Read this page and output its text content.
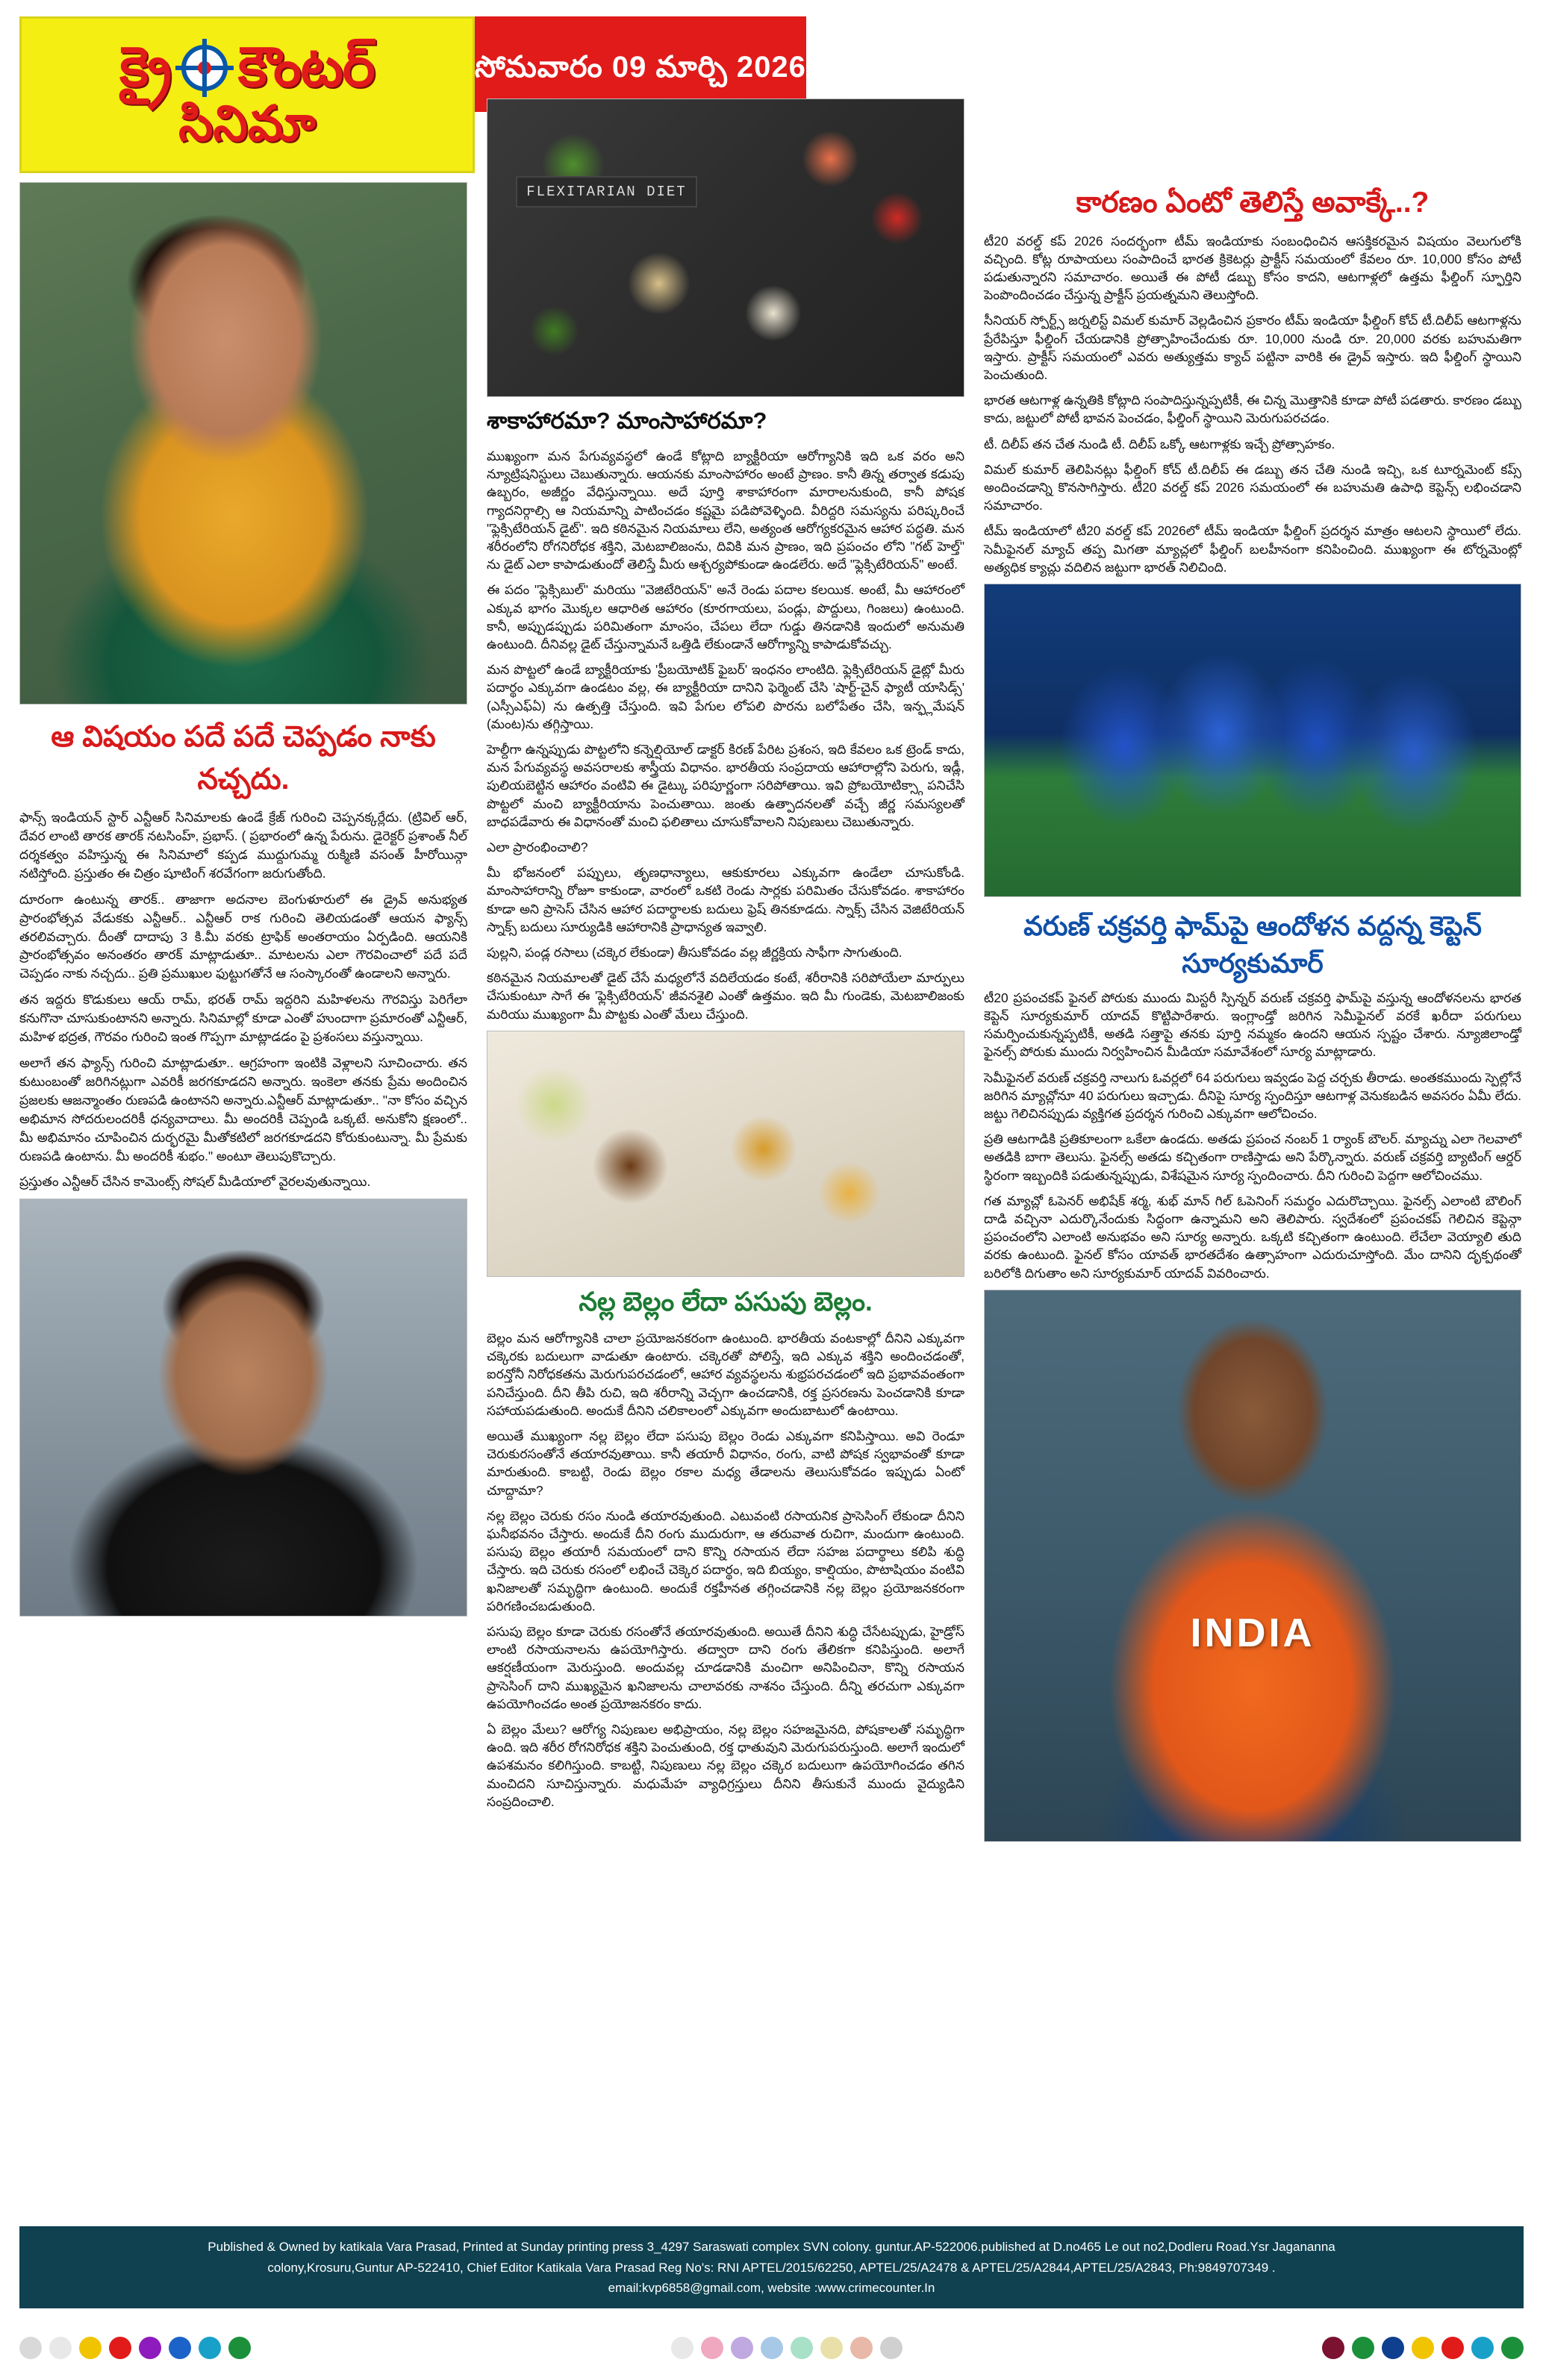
క్రై కౌంటర్
సినిమా
సోమవారం 09 మార్చి 2026
ఆ విషయం పదే పదే చెప్పడం నాకు నచ్చదు.

ఫాన్స్ ఇండియన్ స్టార్ ఎన్టీఆర్ సినిమాలకు ఉండే క్రేజ్ గురించి చెప్పనక్కర్లేదు. (ట్రివిల్ ఆర్, దేవర లాంటి తారక తారక్ నటసింహ్, ప్రభాస్. ( ప్రభారంలో ఉన్న పేరును. డైరెక్టర్ ప్రశాంత్ నీల్ దర్శకత్వం వహిస్తున్న ఈ సినిమాలో కప్పడ ముద్దుగుమ్మ రుక్మిణి వసంత్ హీరోయిన్గా నటిస్తోంది. ప్రస్తుతం ఈ చిత్రం షూటింగ్ శరవేగంగా జరుగుతోంది.

దూరంగా ఉంటున్న తారక్.. తాజాగా అదనాల బెంగుళూరులో ఈ డ్రైవ్ అనుభ్యత ప్రారంభోత్సవ వేడుకకు ఎన్టీఆర్.. ఎన్టీఆర్ రాక గురించి తెలియడంతో ఆయన ఫ్యాన్స్ తరలివచ్చారు. దీంతో దాదాపు 3 కి.మీ వరకు ట్రాఫిక్ అంతరాయం ఏర్పడింది. ఆయనికి ప్రారంభోత్సవం అనంతరం తారక్ మాట్లాడుతూ.. మాటలను ఎలా గౌరవించాలో పదే పదే చెప్పడం నాకు నచ్చదు.. ప్రతి ప్రముఖుల ఫుట్టుగతోనే ఆ సంస్కారంతో ఉండాలని అన్నారు.

తన ఇద్దరు కొడుకులు ఆయ్ రామ్, భరత్ రామ్ ఇద్దరిని మహిళలను గౌరవిస్తు పెరిగేలా కనుగొనా చూసుకుంటానని అన్నారు. సినిమాల్లో కూడా ఎంతో హుందాగా ప్రమారంతో ఎన్టీఆర్, మహిళ భద్రత, గౌరవం గురించి ఇంత గొప్పగా మాట్లాడడం పై ప్రశంసలు వస్తున్నాయి.

అలాగే తన ఫ్యాన్స్ గురించి మాట్లాడుతూ.. ఆగ్రహంగా ఇంటికి వెళ్లాలని సూచించారు. తన కుటుంబంతో జరిగినట్లుగా ఎవరికీ జరగకూడదని అన్నారు. ఇంకెలా తనకు ప్రేమ అందించిన ప్రజలకు ఆజన్మాంతం రుణపడి ఉంటానని అన్నారు.ఎన్టీఆర్ మాట్లాడుతూ.. "నా కోసం వచ్చిన అభిమాన సోదరులందరికీ ధన్యవాదాలు. మీ అందరికీ చెప్పండి ఒక్కటే. అనుకోని క్షణంలో.. మీ అభిమానం చూపించిన దుర్భరమై మీతోకటిలో జరగకూడదని కోరుకుంటున్నా. మీ ప్రేమకు రుణపడి ఉంటాను. మీ అందరికీ శుభం." అంటూ తెలుపుకొచ్చారు.

ప్రస్తుతం ఎన్టీఆర్ చేసిన కామెంట్స్ సోషల్ మీడియాలో వైరలవుతున్నాయి.

FLEXITARIAN DIET
శాకాహారమా? మాంసాహారమా?

ముఖ్యంగా మన పేగువ్యవస్థలో ఉండే కోట్లాది బ్యాక్టీరియా ఆరోగ్యానికి ఇది ఒక వరం అని న్యూట్రిషనిస్టులు చెబుతున్నారు. ఆయనకు మాంసాహారం అంటే ప్రాణం. కానీ తిన్న తర్వాత కడుపు ఉబ్బరం, అజీర్ణం వేధిస్తున్నాయి. అదే పూర్తి శాకాహారంగా మారాలనుకుంది, కానీ పోషక గ్యాదనిర్గాల్సి ఆ నియమాన్ని పాటించడం కష్టమై పడిపోవెళ్ళింది. వీరిద్దరి సమస్యను పరిష్కరించే "ఫ్లెక్సిటేరియన్ డైట్". ఇది కఠినమైన నియమాలు లేని, అత్యంత ఆరోగ్యకరమైన ఆహార పద్ధతి. మన శరీరంలోని రోగనిరోధక శక్తిని, మెటబాలిజంను, దివికి మన ప్రాణం, ఇది ప్రపంచం లోని "గట్ హెల్త్" ను డైట్ ఎలా కాపాడుతుందో తెలిస్తే మీరు ఆశ్చర్యపోకుండా ఉండలేరు. అదే "ఫ్లెక్సిటేరియన్" అంటే.

ఈ పదం "ఫ్లెక్సిబుల్" మరియు "వెజిటేరియన్" అనే రెండు పదాల కలయిక. అంటే, మీ ఆహారంలో ఎక్కువ భాగం మొక్కల ఆధారిత ఆహారం (కూరగాయలు, పండ్లు, పొద్దులు, గింజలు) ఉంటుంది. కానీ, అప్పుడప్పుడు పరిమితంగా మాంసం, చేపలు లేదా గుడ్డు తినడానికి ఇందులో అనుమతి ఉంటుంది. దీనివల్ల డైట్ చేస్తున్నామనే ఒత్తిడి లేకుండానే ఆరోగ్యాన్ని కాపాడుకోవచ్చు.

మన పొట్టలో ఉండే బ్యాక్టీరియాకు 'ప్రీబయోటిక్ ఫైబర్' ఇంధనం లాంటిది. ఫ్లెక్సిటేరియన్ డైట్లో మీరు పదార్థం ఎక్కువగా ఉండటం వల్ల, ఈ బ్యాక్టీరియా దానిని ఫెర్మెంట్ చేసి 'షార్ట్-చైన్ ఫ్యాటీ యాసిడ్స్' (ఎస్సీఎఫ్ఏ) ను ఉత్పత్తి చేస్తుంది. ఇవి పేగుల లోపలి పొరను బలోపేతం చేసి, ఇన్ఫ్లమేషన్ (మంట)ను తగ్గిస్తాయి.

హెల్దీగా ఉన్నప్పుడు పొట్టలోని కన్నెల్షియోల్ డాక్టర్ కిరణ్ పేరిట ప్రశంస, ఇది కేవలం ఒక ట్రెండ్ కాదు, మన పేగువ్యవస్థ అవసరాలకు శాస్త్రీయ విధానం. భారతీయ సంప్రదాయ ఆహారాల్లోని పెరుగు, ఇడ్లీ, పులియబెట్టిన ఆహారం వంటివి ఈ డైట్కు పరిపూర్ణంగా సరిపోతాయి. ఇవి ప్రోబయోటిక్స్గా పనిచేసి పొట్టలో మంచి బ్యాక్టీరియాను పెంచుతాయి. జంతు ఉత్పాదనలతో వచ్చే జీర్ణ సమస్యలతో బాధపడేవారు ఈ విధానంతో మంచి ఫలితాలు చూసుకోవాలని నిపుణులు చెబుతున్నారు.

ఎలా ప్రారంభించాలి?

మీ భోజనంలో పప్పులు, తృణధాన్యాలు, ఆకుకూరలు ఎక్కువగా ఉండేలా చూసుకోండి. మాంసాహారాన్ని రోజూ కాకుండా, వారంలో ఒకటి రెండు సార్లకు పరిమితం చేసుకోవడం. శాకాహారం కూడా అని ప్రాసెస్ చేసిన ఆహార పదార్థాలకు బదులు ఫ్రెష్ తినకూడదు. స్నాక్స్ చేసిన వెజిటేరియన్ స్నాక్స్ బదులు సూర్యుడికి ఆహారానికి ప్రాధాన్యత ఇవ్వాలి.

పుల్లని, పండ్ల రసాలు (చక్కెర లేకుండా) తీసుకోవడం వల్ల జీర్ణక్రియ సాఫీగా సాగుతుంది.

కఠినమైన నియమాలతో డైట్ చేసే మధ్యలోనే వదిలేయడం కంటే, శరీరానికి సరిపోయేలా మార్పులు చేసుకుంటూ సాగే ఈ 'ఫ్లెక్సిటేరియన్' జీవనశైలి ఎంతో ఉత్తమం. ఇది మీ గుండెకు, మెటబాలిజంకు మరియు ముఖ్యంగా మీ పొట్టకు ఎంతో మేలు చేస్తుంది.

నల్ల బెల్లం లేదా పసుపు బెల్లం.

బెల్లం మన ఆరోగ్యానికి చాలా ప్రయోజనకరంగా ఉంటుంది. భారతీయ వంటకాల్లో దీనిని ఎక్కువగా చక్కెరకు బదులుగా వాడుతూ ఉంటారు. చక్కెరతో పోలిస్తే, ఇది ఎక్కువ శక్తిని అందించడంతో, ఐరన్తోనీ నిరోధకతను మెరుగుపరచడంలో, ఆహార వ్యవస్థలను శుభ్రపరచడంలో ఇది ప్రభావవంతంగా పనిచేస్తుంది. దీని తీపి రుచి, ఇది శరీరాన్ని వెచ్చగా ఉంచడానికి, రక్త ప్రసరణను పెంచడానికి కూడా సహాయపడుతుంది. అందుకే దీనిని చలికాలంలో ఎక్కువగా అందుబాటులో ఉంటాయి.

అయితే ముఖ్యంగా నల్ల బెల్లం లేదా పసుపు బెల్లం రెండు ఎక్కువగా కనిపిస్తాయి. అవి రెండూ చెరుకురసంతోనే తయారవుతాయి. కానీ తయారీ విధానం, రంగు, వాటి పోషక స్వభావంతో కూడా మారుతుంది. కాబట్టి, రెండు బెల్లం రకాల మధ్య తేడాలను తెలుసుకోవడం ఇప్పుడు ఏంటో చూద్దామా?

నల్ల బెల్లం చెరుకు రసం నుండి తయారవుతుంది. ఎటువంటి రసాయనిక ప్రాసెసింగ్ లేకుండా దీనిని ఘనీభవనం చేస్తారు. అందుకే దీని రంగు ముదురుగా, ఆ తరువాత రుచిగా, మందుగా ఉంటుంది. పసుపు బెల్లం తయారీ సమయంలో దాని కొన్ని రసాయన లేదా సహజ పదార్థాలు కలిపి శుద్ధి చేస్తారు. ఇది చెరుకు రసంలో లభించే చెక్కెర పదార్థం, ఇది బియ్యం, కాల్షియం, పొటాషియం వంటివి ఖనిజాలతో సమృద్ధిగా ఉంటుంది. అందుకే రక్తహీనత తగ్గించడానికి నల్ల బెల్లం ప్రయోజనకరంగా పరిగణించబడుతుంది.

పసుపు బెల్లం కూడా చెరుకు రసంతోనే తయారవుతుంది. అయితే దీనిని శుద్ధి చేసేటప్పుడు, హైడ్రోస్ లాంటి రసాయనాలను ఉపయోగిస్తారు. తద్వారా దాని రంగు తేలికగా కనిపిస్తుంది. అలాగే ఆకర్షణీయంగా మెరుస్తుంది. అందువల్ల చూడడానికి మంచిగా అనిపించినా, కొన్ని రసాయన ప్రాసెసింగ్ దాని ముఖ్యమైన ఖనిజాలను చాలావరకు నాశనం చేస్తుంది. దీన్ని తరచుగా ఎక్కువగా ఉపయోగించడం అంత ప్రయోజనకరం కాదు.

ఏ బెల్లం మేలు? ఆరోగ్య నిపుణుల అభిప్రాయం, నల్ల బెల్లం సహజమైనది, పోషకాలతో సమృద్ధిగా ఉంది. ఇది శరీర రోగనిరోధక శక్తిని పెంచుతుంది, రక్త ధాతువుని మెరుగుపరుస్తుంది. అలాగే ఇందులో ఉపశమనం కలిగిస్తుంది. కాబట్టి, నిపుణులు నల్ల బెల్లం చక్కెర బదులుగా ఉపయోగించడం తగిన మంచిదని సూచిస్తున్నారు. మధుమేహ వ్యాధిగ్రస్తులు దీనిని తీసుకునే ముందు వైద్యుడిని సంప్రదించాలి.

కారణం ఏంటో తెలిస్తే అవాక్కే..?

టీ20 వరల్డ్ కప్ 2026 సందర్భంగా టీమ్ ఇండియాకు సంబంధించిన ఆసక్తికరమైన విషయం వెలుగులోకి వచ్చింది. కోట్ల రూపాయలు సంపాదించే భారత క్రికెటర్లు ప్రాక్టీస్ సమయంలో కేవలం రూ. 10,000 కోసం పోటీ పడుతున్నారని సమాచారం. అయితే ఈ పోటీ డబ్బు కోసం కాదని, ఆటగాళ్లలో ఉత్తమ ఫీల్డింగ్ స్ఫూర్తిని పెంపొందించడం చేస్తున్న ప్రాక్టీస్ ప్రయత్నమని తెలుస్తోంది.

సీనియర్ స్పోర్ట్స్ జర్నలిస్ట్ విమల్ కుమార్ వెల్లడించిన ప్రకారం టీమ్ ఇండియా ఫీల్డింగ్ కోచ్ టీ.దిలీప్ ఆటగాళ్లను ప్రేరేపిస్తూ ఫీల్డింగ్ చేయడానికి ప్రోత్సాహించేందుకు రూ. 10,000 నుండి రూ. 20,000 వరకు బహుమతిగా ఇస్తారు. ప్రాక్టీస్ సమయంలో ఎవరు అత్యుత్తమ క్యాచ్ పట్టినా వారికి ఈ డ్రైవ్ ఇస్తారు. ఇది ఫీల్డింగ్ స్థాయిని పెంచుతుంది.

భారత ఆటగాళ్ల ఉన్నతికి కోట్లాది సంపాదిస్తున్నప్పటికీ, ఈ చిన్న మొత్తానికి కూడా పోటీ పడతారు. కారణం డబ్బు కాదు, జట్టులో పోటీ భావన పెంచడం, ఫీల్డింగ్ స్థాయిని మెరుగుపరచడం.

టీ. దిలీప్ తన చేత నుండి టీ. దిలీప్ ఒక్కో ఆటగాళ్లకు ఇచ్చే ప్రోత్సాహకం.

విమల్ కుమార్ తెలిపినట్లు ఫీల్డింగ్ కోచ్ టీ.దిలీప్ ఈ డబ్బు తన చేతి నుండి ఇచ్చి, ఒక టూర్నమెంట్ కప్స్ అందించడాన్ని కొనసాగిస్తారు. టీ20 వరల్డ్ కప్ 2026 సమయంలో ఈ బహుమతి ఉపాధి కెప్టెన్స్ లభించడాని సమాచారం.

టీమ్ ఇండియాలో టీ20 వరల్డ్ కప్ 2026లో టీమ్ ఇండియా ఫీల్డింగ్ ప్రదర్శన మాత్రం ఆటలని స్థాయిలో లేదు. సెమీఫైనల్ మ్యాచ్ తప్ప మిగతా మ్యాచ్లలో ఫీల్డింగ్ బలహీనంగా కనిపించింది. ముఖ్యంగా ఈ టోర్నమెంట్లో అత్యధిక క్యాచ్లు వదిలిన జట్టుగా భారత్ నిలిచింది.

వరుణ్ చక్రవర్తి ఫామ్‌పై ఆందోళన వద్దన్న కెప్టెన్ సూర్యకుమార్

టీ20 ప్రపంచకప్ ఫైనల్ పోరుకు ముందు మిస్టరీ స్పిన్నర్ వరుణ్ చక్రవర్తి ఫామ్‌పై వస్తున్న ఆందోళనలను భారత కెప్టెన్ సూర్యకుమార్ యాదవ్ కొట్టిపారేశారు. ఇంగ్లాండ్తో జరిగిన సెమీఫైనల్ వరకే ఖరీదా పరుగులు సమర్పించుకున్నప్పటికీ, అతడి సత్తాపై తనకు పూర్తి నమ్మకం ఉందని ఆయన స్పష్టం చేశారు. న్యూజిలాండ్తో ఫైనల్స్ పోరుకు ముందు నిర్వహించిన మీడియా సమావేశంలో సూర్య మాట్లాడారు.

సెమీఫైనల్ వరుణ్ చక్రవర్తి నాలుగు ఓవర్లలో 64 పరుగులు ఇవ్వడం పెద్ద చర్చకు తీరాడు. అంతకముందు స్పెల్లోనే జరిగిన మ్యాచ్లోనూ 40 పరుగులు ఇచ్చాడు. దీనిపై సూర్య స్పందిస్తూ ఆటగాళ్ల వెనుకబడిన అవసరం ఏమీ లేదు. జట్టు గెలిచినప్పుడు వ్యక్తిగత ప్రదర్శన గురించి ఎక్కువగా ఆలోచించం.

ప్రతి ఆటగాడికి ప్రతికూలంగా ఒకేలా ఉండదు. అతడు ప్రపంచ నంబర్ 1 ర్యాంక్ బౌలర్. మ్యాచ్ను ఎలా గెలవాలో అతడికి బాగా తెలుసు. ఫైనల్స్ అతడు కచ్చితంగా రాణిస్తాడు అని పేర్కొన్నారు. వరుణ్ చక్రవర్తి బ్యాటింగ్ ఆర్డర్ స్థిరంగా ఇబ్బందికి పడుతున్నప్పుడు, విశేషమైన సూర్య స్పందించారు. దీని గురించి పెద్దగా ఆలోచించము.

గత మ్యాచ్లో ఓపెనర్ అభిషేక్ శర్మ, శుభ్ మాన్ గిల్ ఓపెనింగ్ సమర్థం ఎదురొచ్చాయి. ఫైనల్స్ ఎలాంటి బౌలింగ్ దాడి వచ్చినా ఎదుర్కొనేందుకు సిద్ధంగా ఉన్నామని అని తెలిపారు. స్వదేశంలో ప్రపంచకప్ గెలిచిన కెప్టెన్గా ప్రపంచంలోని ఎలాంటి అనుభవం అని సూర్య అన్నారు. ఒక్కటి కచ్చితంగా ఉంటుంది. లేచేలా వెయ్యాలి తుది వరకు ఉంటుంది. ఫైనల్ కోసం యావత్ భారతదేశం ఉత్సాహంగా ఎదురుచూస్తోంది. మేం దానిని దృక్పథంతో బరిలోకి దిగుతాం అని సూర్యకుమార్ యాదవ్ వివరించారు.

INDIA
Published & Owned by katikala Vara Prasad, Printed at Sunday printing press 3_4297 Saraswati complex SVN colony. guntur.AP-522006.published at D.no465 Le out no2,Dodleru Road.Ysr Jagananna
colony,Krosuru,Guntur AP-522410, Chief Editor Katikala Vara Prasad Reg No's: RNI APTEL/2015/62250, APTEL/25/A2478 & APTEL/25/A2844,APTEL/25/A2843, Ph:9849707349 .
email:kvp6858@gmail.com, website :www.crimecounter.In
